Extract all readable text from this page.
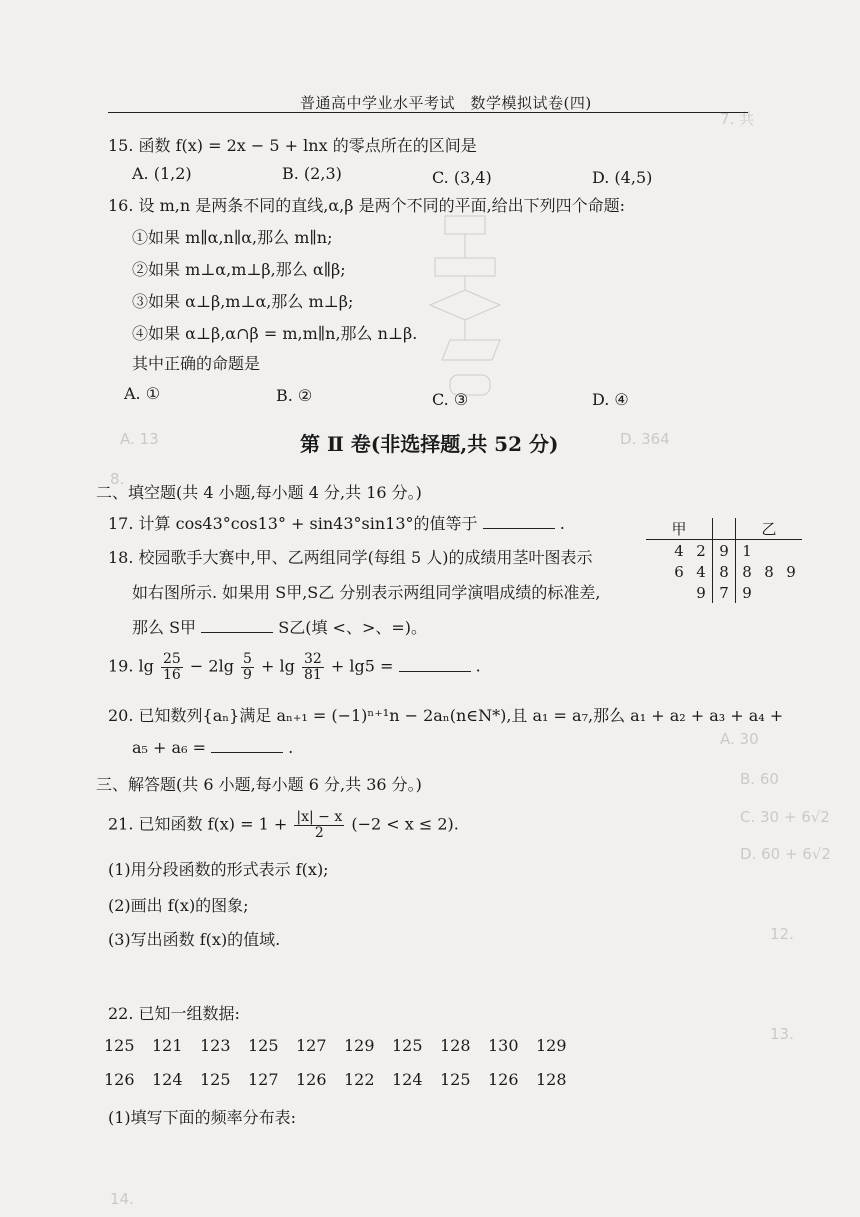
7. 共
A. 13	D. 364
8.
A. 30
B. 60
C. 30 + 6√2
D. 60 + 6√2
12.
13.
14.
普通高中学业水平考试　数学模拟试卷(四)
15. 函数 f(x) = 2x − 5 + lnx 的零点所在的区间是
A. (1,2)	B. (2,3)	C. (3,4)	D. (4,5)
16. 设 m,n 是两条不同的直线,α,β 是两个不同的平面,给出下列四个命题:
①如果 m∥α,n∥α,那么 m∥n;
②如果 m⊥α,m⊥β,那么 α∥β;
③如果 α⊥β,m⊥α,那么 m⊥β;
④如果 α⊥β,α∩β = m,m∥n,那么 n⊥β.
其中正确的命题是
A. ①	B. ②	C. ③	D. ④
第 Ⅱ 卷(非选择题,共 52 分)
二、填空题(共 4 小题,每小题 4 分,共 16 分。)
17. 计算 cos43°cos13° + sin43°sin13°的值等于	.
18. 校园歌手大赛中,甲、乙两组同学(每组 5 人)的成绩用茎叶图表示
如右图所示. 如果用 S甲,S乙 分别表示两组同学演唱成绩的标准差,
那么 S甲	S乙(填 <、>、=)。
	甲				乙	
	4	2	9	1		
	6	4	8	8	8	9
		9	7	9		
19. $\lg \frac{25}{16} - 2\lg \frac{5}{9} + \lg \frac{32}{81} + \lg 5$ =	.
20. 已知数列{aₙ}满足 aₙ₊₁ = (−1)ⁿ⁺¹n − 2aₙ(n∈N*),且 a₁ = a₇,那么 a₁ + a₂ + a₃ + a₄ +
a₅ + a₆ =	.
三、解答题(共 6 小题,每小题 6 分,共 36 分。)
21. 已知函数 $f(x) = 1 + \frac{|x| - x}{2} (-2 < x \le 2)$.
(1)用分段函数的形式表示 f(x);
(2)画出 f(x)的图象;
(3)写出函数 f(x)的值域.
22. 已知一组数据:
125 121 123 125 127 129 125 128 130 129
126 124 125 127 126 122 124 125 126 128
(1)填写下面的频率分布表:
